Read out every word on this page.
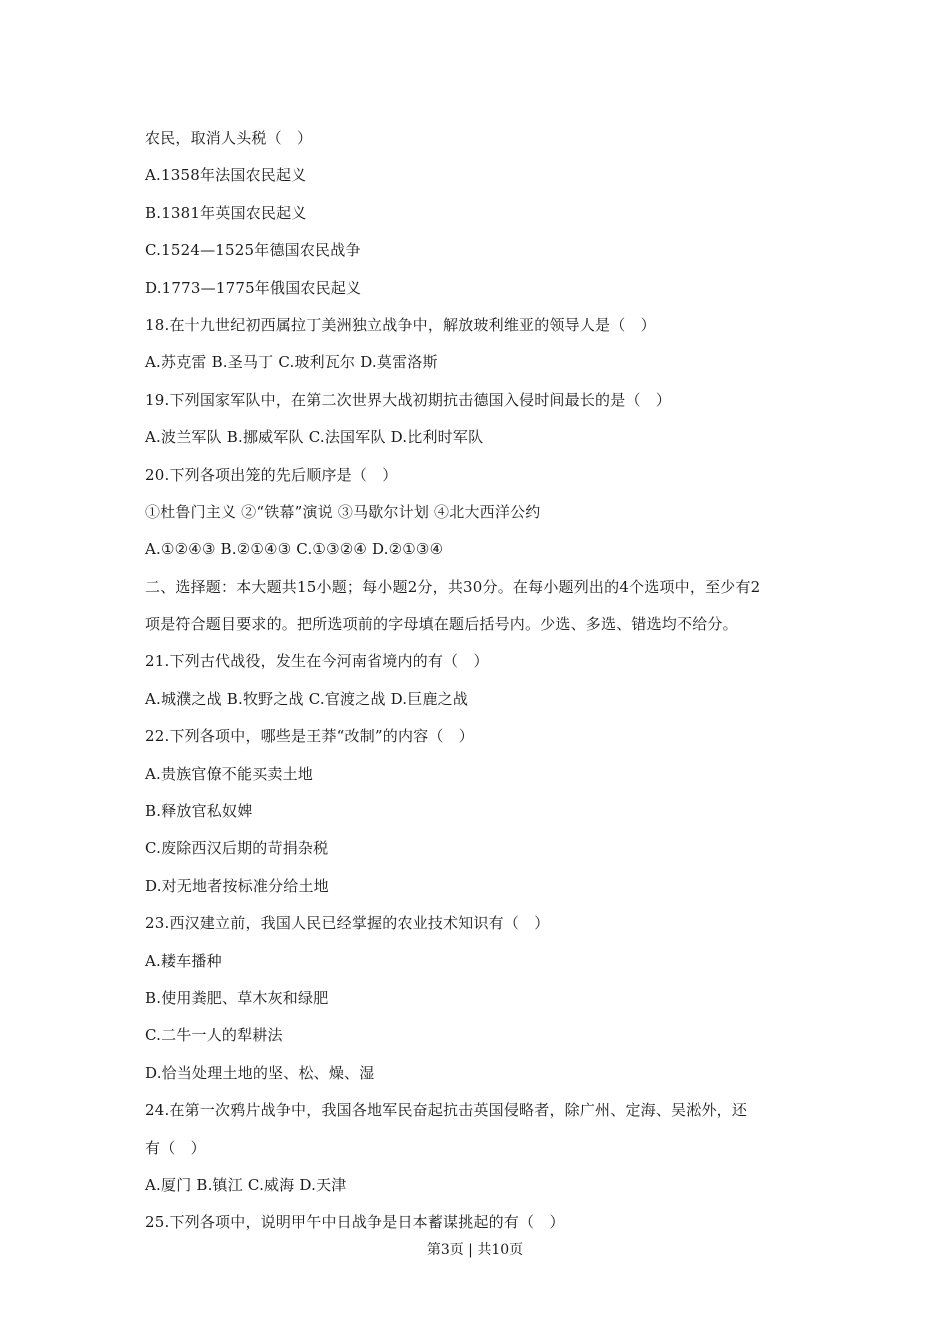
农民，取消人头税（　）
A.1358年法国农民起义
B.1381年英国农民起义
C.1524—1525年德国农民战争
D.1773—1775年俄国农民起义
18.在十九世纪初西属拉丁美洲独立战争中，解放玻利维亚的领导人是（　）
A.苏克雷 B.圣马丁 C.玻利瓦尔 D.莫雷洛斯
19.下列国家军队中，在第二次世界大战初期抗击德国入侵时间最长的是（　）
A.波兰军队 B.挪威军队 C.法国军队 D.比利时军队
20.下列各项出笼的先后顺序是（　）
①杜鲁门主义 ②“铁幕”演说 ③马歇尔计划 ④北大西洋公约
A.①②④③ B.②①④③ C.①③②④ D.②①③④
二、选择题：本大题共15小题；每小题2分，共30分。在每小题列出的4个选项中，至少有2
项是符合题目要求的。把所选项前的字母填在题后括号内。少选、多选、错选均不给分。
21.下列古代战役，发生在今河南省境内的有（　）
A.城濮之战 B.牧野之战 C.官渡之战 D.巨鹿之战
22.下列各项中，哪些是王莽“改制”的内容（　）
A.贵族官僚不能买卖土地
B.释放官私奴婢
C.废除西汉后期的苛捐杂税
D.对无地者按标准分给土地
23.西汉建立前，我国人民已经掌握的农业技术知识有（　）
A.耧车播种
B.使用粪肥、草木灰和绿肥
C.二牛一人的犁耕法
D.恰当处理土地的坚、松、燥、湿
24.在第一次鸦片战争中，我国各地军民奋起抗击英国侵略者，除广州、定海、吴淞外，还
有（　）
A.厦门 B.镇江 C.威海 D.天津
25.下列各项中，说明甲午中日战争是日本蓄谋挑起的有（　）
第3页 | 共10页
